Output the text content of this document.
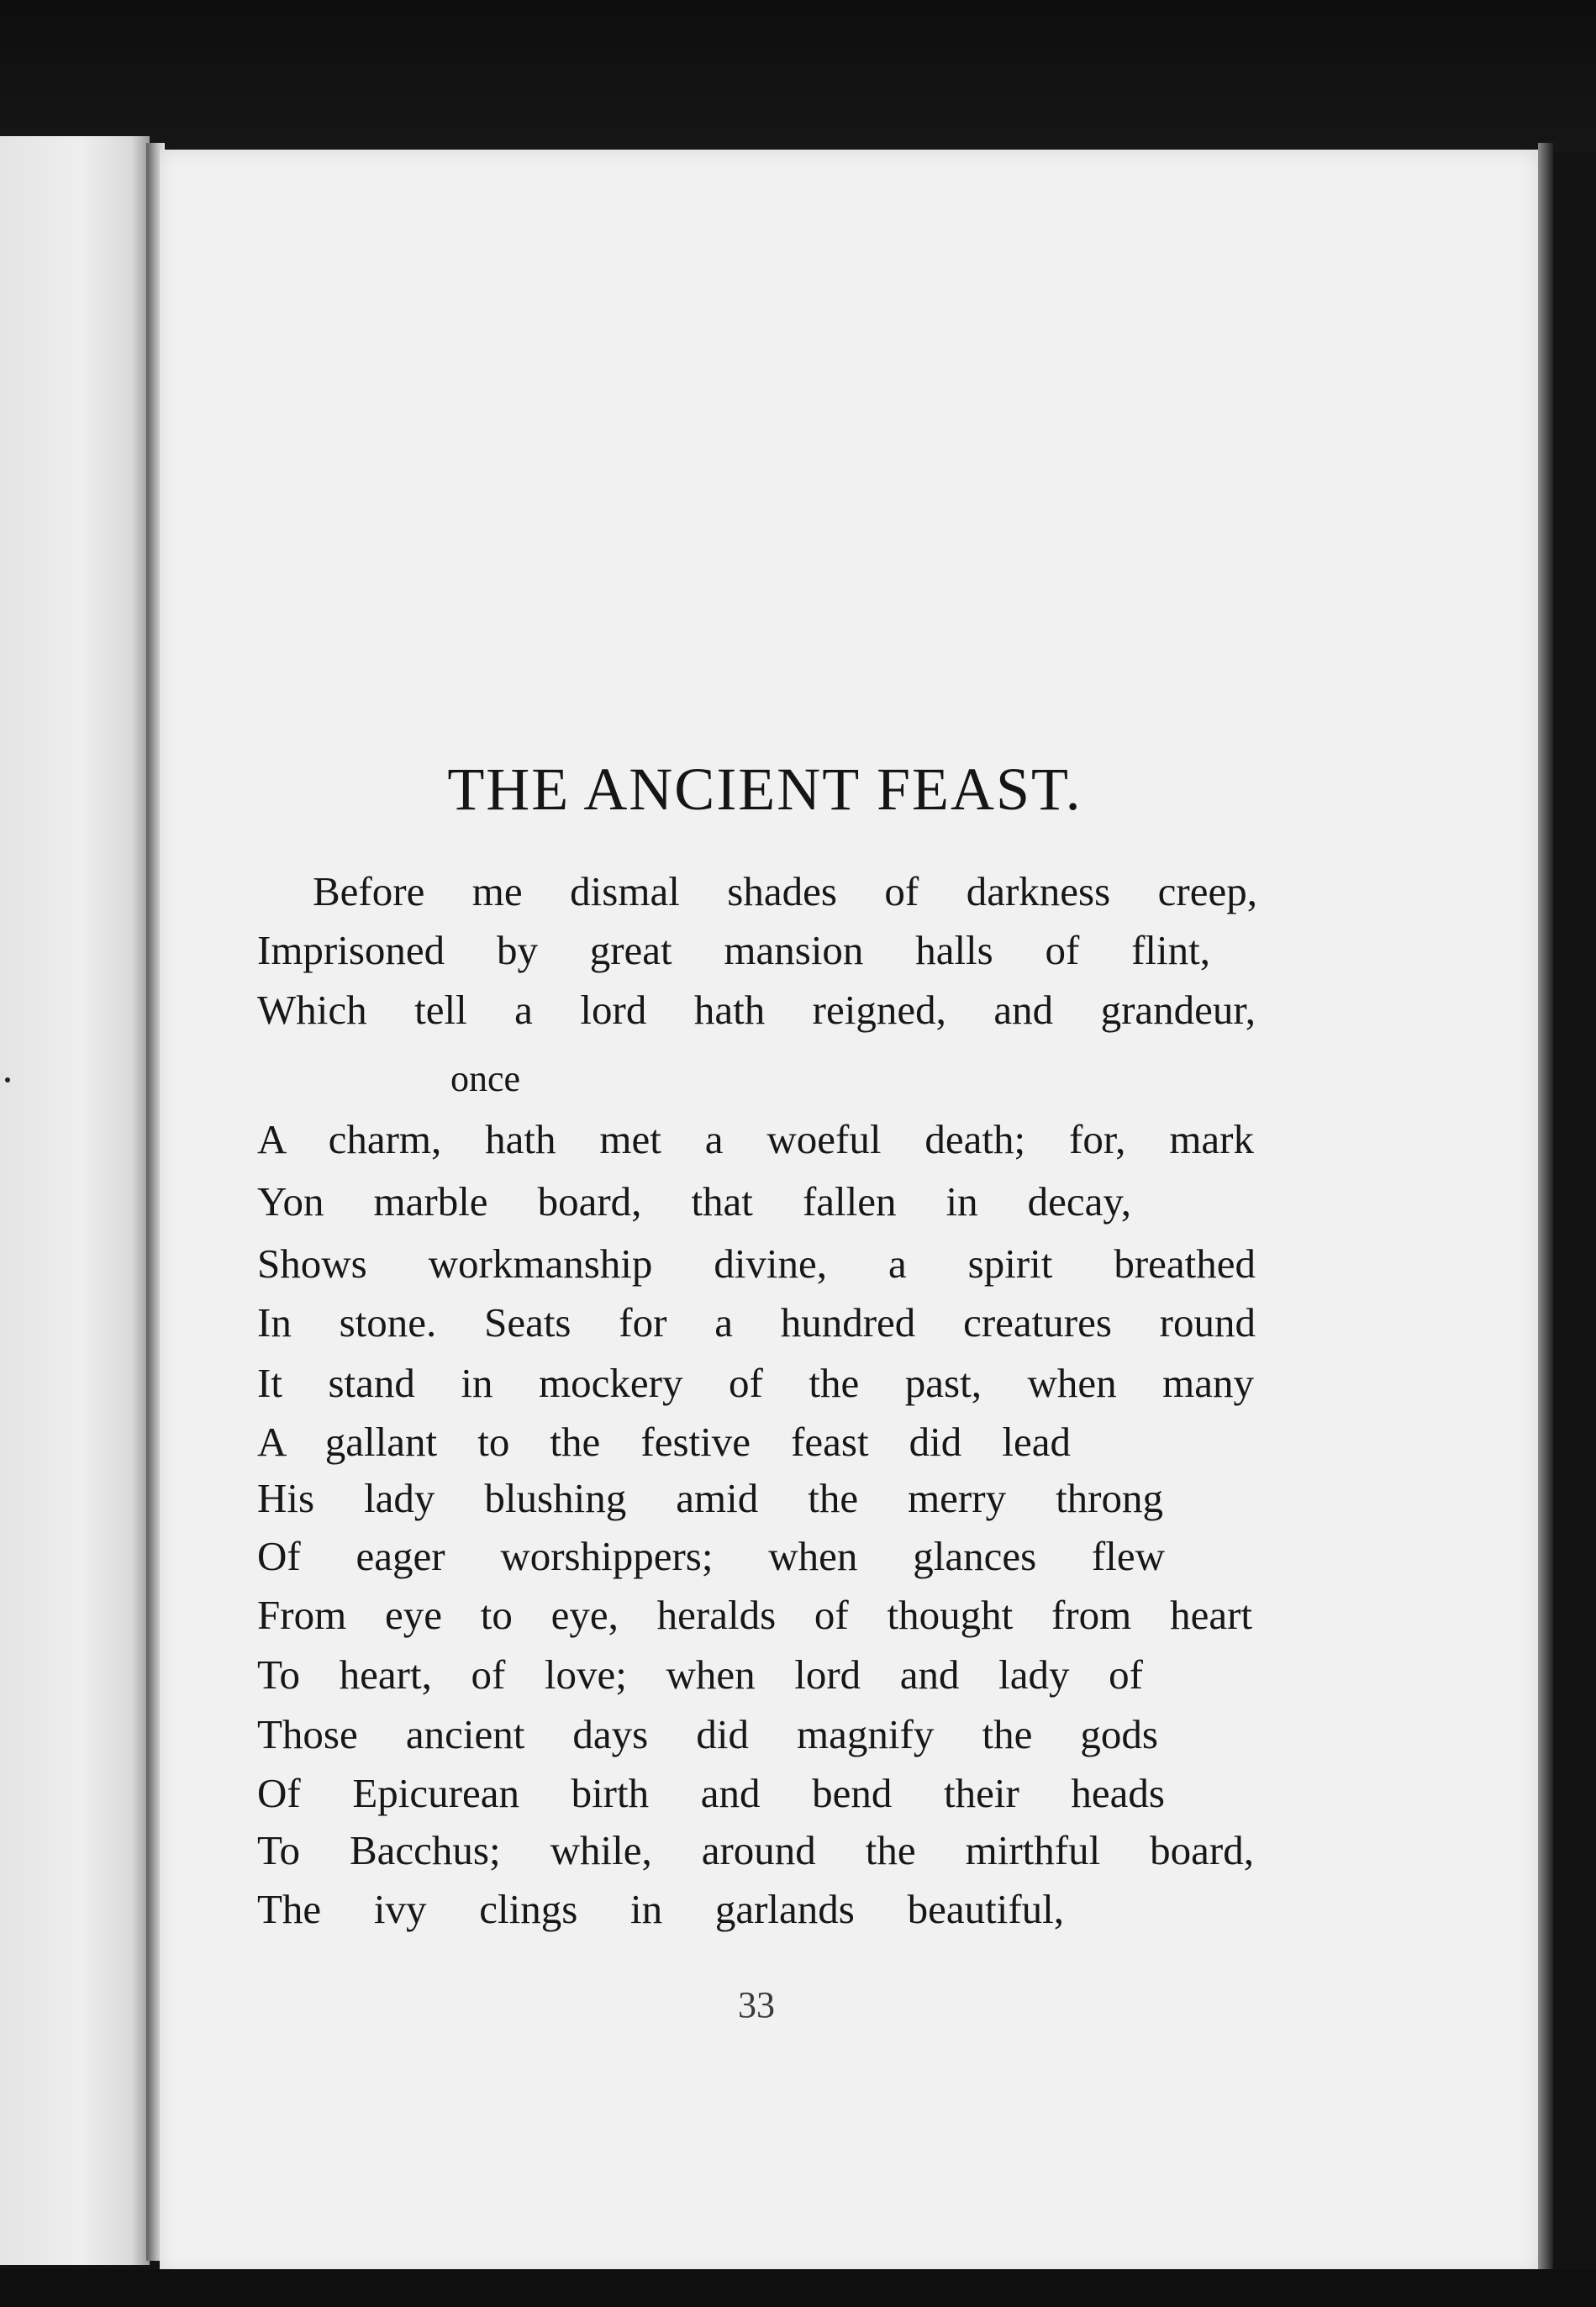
THE ANCIENT FEAST.
Before me dismal shades of darkness creep,
Imprisoned by great mansion halls of flint,
Which tell a lord hath reigned, and grandeur,
once
A charm, hath met a woeful death; for, mark
Yon marble board, that fallen in decay,
Shows workmanship divine, a spirit breathed
In stone. Seats for a hundred creatures round
It stand in mockery of the past, when many
A gallant to the festive feast did lead
His lady blushing amid the merry throng
Of eager worshippers; when glances flew
From eye to eye, heralds of thought from heart
To heart, of love; when lord and lady of
Those ancient days did magnify the gods
Of Epicurean birth and bend their heads
To Bacchus; while, around the mirthful board,
The ivy clings in garlands beautiful,
33
